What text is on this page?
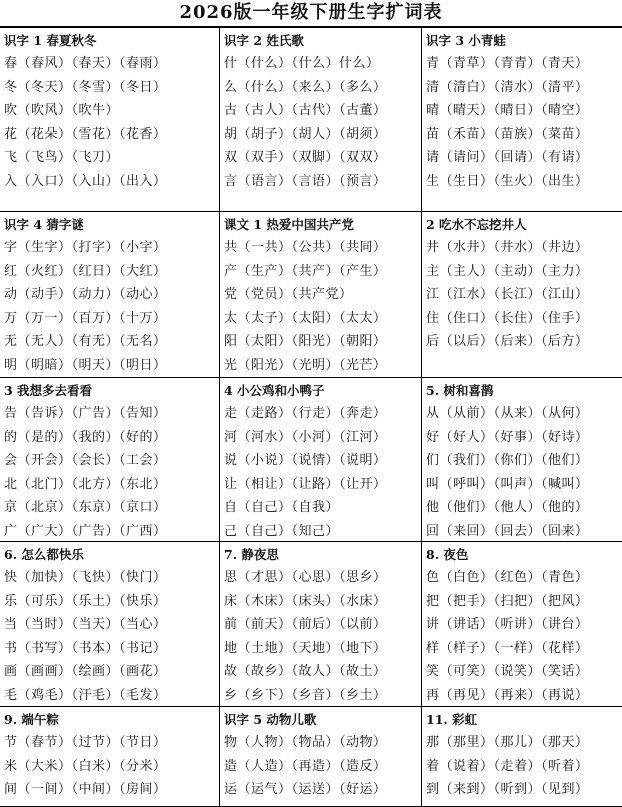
2026版一年级下册生字扩词表
识字 1 春夏秋冬
春（春风）（春天）（春雨）
冬（冬天）（冬雪）（冬日）
吹（吹风）（吹牛）
花（花朵）（雪花）（花香）
飞（飞鸟）（飞刀）
入（入口）（入山）（出入）
识字 2 姓氏歌
什（什么）（什么）什么）
么（什么）（来么）（多么）
古（古人）（古代）（古董）
胡（胡子）（胡人）（胡须）
双（双手）（双脚）（双双）
言（语言）（言语）（预言）
识字 3 小青蛙
青（青草）（青青）（青天）
清（清白）（清水）（清平）
晴（晴天）（晴日）（晴空）
苗（禾苗）（苗族）（菜苗）
请（请问）（回请）（有请）
生（生日）（生火）（出生）
识字 4 猜字谜
字（生字）（打字）（小字）
红（火红）（红日）（大红）
动（动手）（动力）（动心）
万（万一）（百万）（十万）
无（无人）（有无）（无名）
明（明暗）（明天）（明日）
课文 1 热爱中国共产党
共（一共）（公共）（共同）
产（生产）（共产）（产生）
党（党员）（共产党）
太（太子）（太阳）（太太）
阳（太阳）（阳光）（朝阳）
光（阳光）（光明）（光芒）
2 吃水不忘挖井人
井（水井）（井水）（井边）
主（主人）（主动）（主力）
江（江水）（长江）（江山）
住（住口）（长住）（住手）
后（以后）（后来）（后方）
3 我想多去看看
告（告诉）（广告）（告知）
的（是的）（我的）（好的）
会（开会）（会长）（工会）
北（北门）（北方）（东北）
京（北京）（东京）（京口）
广（广大）（广告）（广西）
4 小公鸡和小鸭子
走（走路）（行走）（奔走）
河（河水）（小河）（江河）
说（小说）（说情）（说明）
让（相让）（让路）（让开）
自（自己）（自我）
己（自己）（知己）
5. 树和喜鹊
从（从前）（从来）（从何）
好（好人）（好事）（好诗）
们（我们）（你们）（他们）
叫（呼叫）（叫声）（喊叫）
他（他们）（他人）（他的）
回（来回）（回去）（回来）
6. 怎么都快乐
快（加快）（飞快）（快门）
乐（可乐）（乐土）（快乐）
当（当时）（当天）（当心）
书（书写）（书本）（书记）
画（画画）（绘画）（画花）
毛（鸡毛）（汗毛）（毛发）
7. 静夜思
思（才思）（心思）（思乡）
床（木床）（床头）（水床）
前（前天）（前后）（以前）
地（土地）（天地）（地下）
故（故乡）（故人）（故土）
乡（乡下）（乡音）（乡土）
8. 夜色
色（白色）（红色）（青色）
把（把手）（扫把）（把风）
讲（讲话）（听讲）（讲台）
样（样子）（一样）（花样）
笑（可笑）（说笑）（笑话）
再（再见）（再来）（再说）
9. 端午粽
节（春节）（过节）（节日）
米（大米）（白米）（分米）
间（一间）（中间）（房间）
识字 5 动物儿歌
物（人物）（物品）（动物）
造（人造）（再造）（造反）
运（运气）（运送）（好运）
11. 彩虹
那（那里）（那儿）（那天）
着（说着）（走着）（听着）
到（来到）（听到）（见到）
